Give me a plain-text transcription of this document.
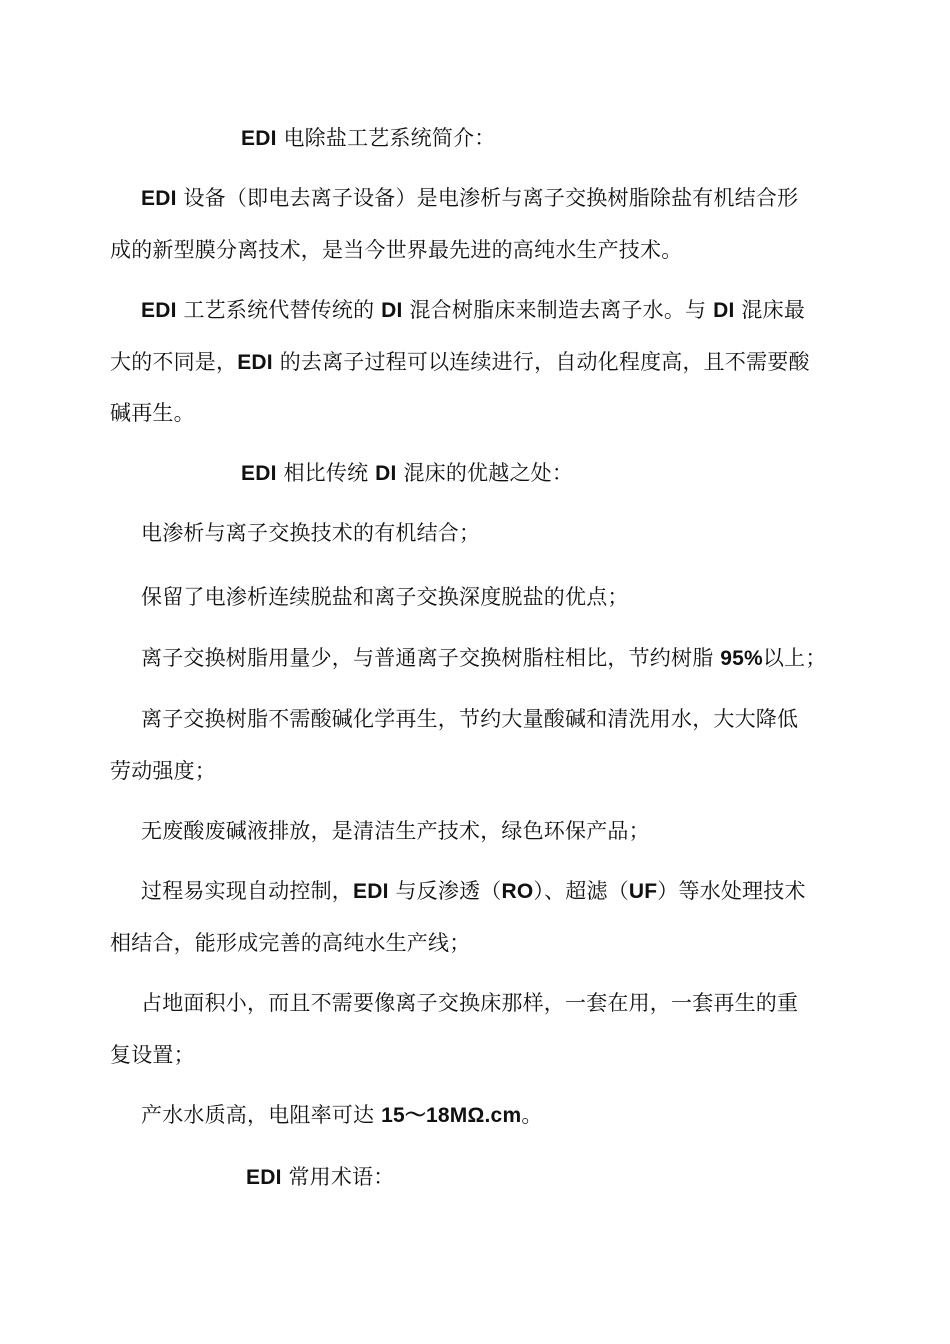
EDI 电除盐工艺系统简介：
EDI 设备（即电去离子设备）是电渗析与离子交换树脂除盐有机结合形
成的新型膜分离技术，是当今世界最先进的高纯水生产技术。
EDI 工艺系统代替传统的 DI 混合树脂床来制造去离子水。与 DI 混床最
大的不同是，EDI 的去离子过程可以连续进行，自动化程度高，且不需要酸
碱再生。
EDI 相比传统 DI 混床的优越之处：
电渗析与离子交换技术的有机结合；
保留了电渗析连续脱盐和离子交换深度脱盐的优点；
离子交换树脂用量少，与普通离子交换树脂柱相比，节约树脂 95%以上；
离子交换树脂不需酸碱化学再生，节约大量酸碱和清洗用水，大大降低
劳动强度；
无废酸废碱液排放，是清洁生产技术，绿色环保产品；
过程易实现自动控制，EDI 与反渗透（RO）、超滤（UF）等水处理技术
相结合，能形成完善的高纯水生产线；
占地面积小，而且不需要像离子交换床那样，一套在用，一套再生的重
复设置；
产水水质高，电阻率可达 15～18MΩ.cm。
EDI 常用术语：
